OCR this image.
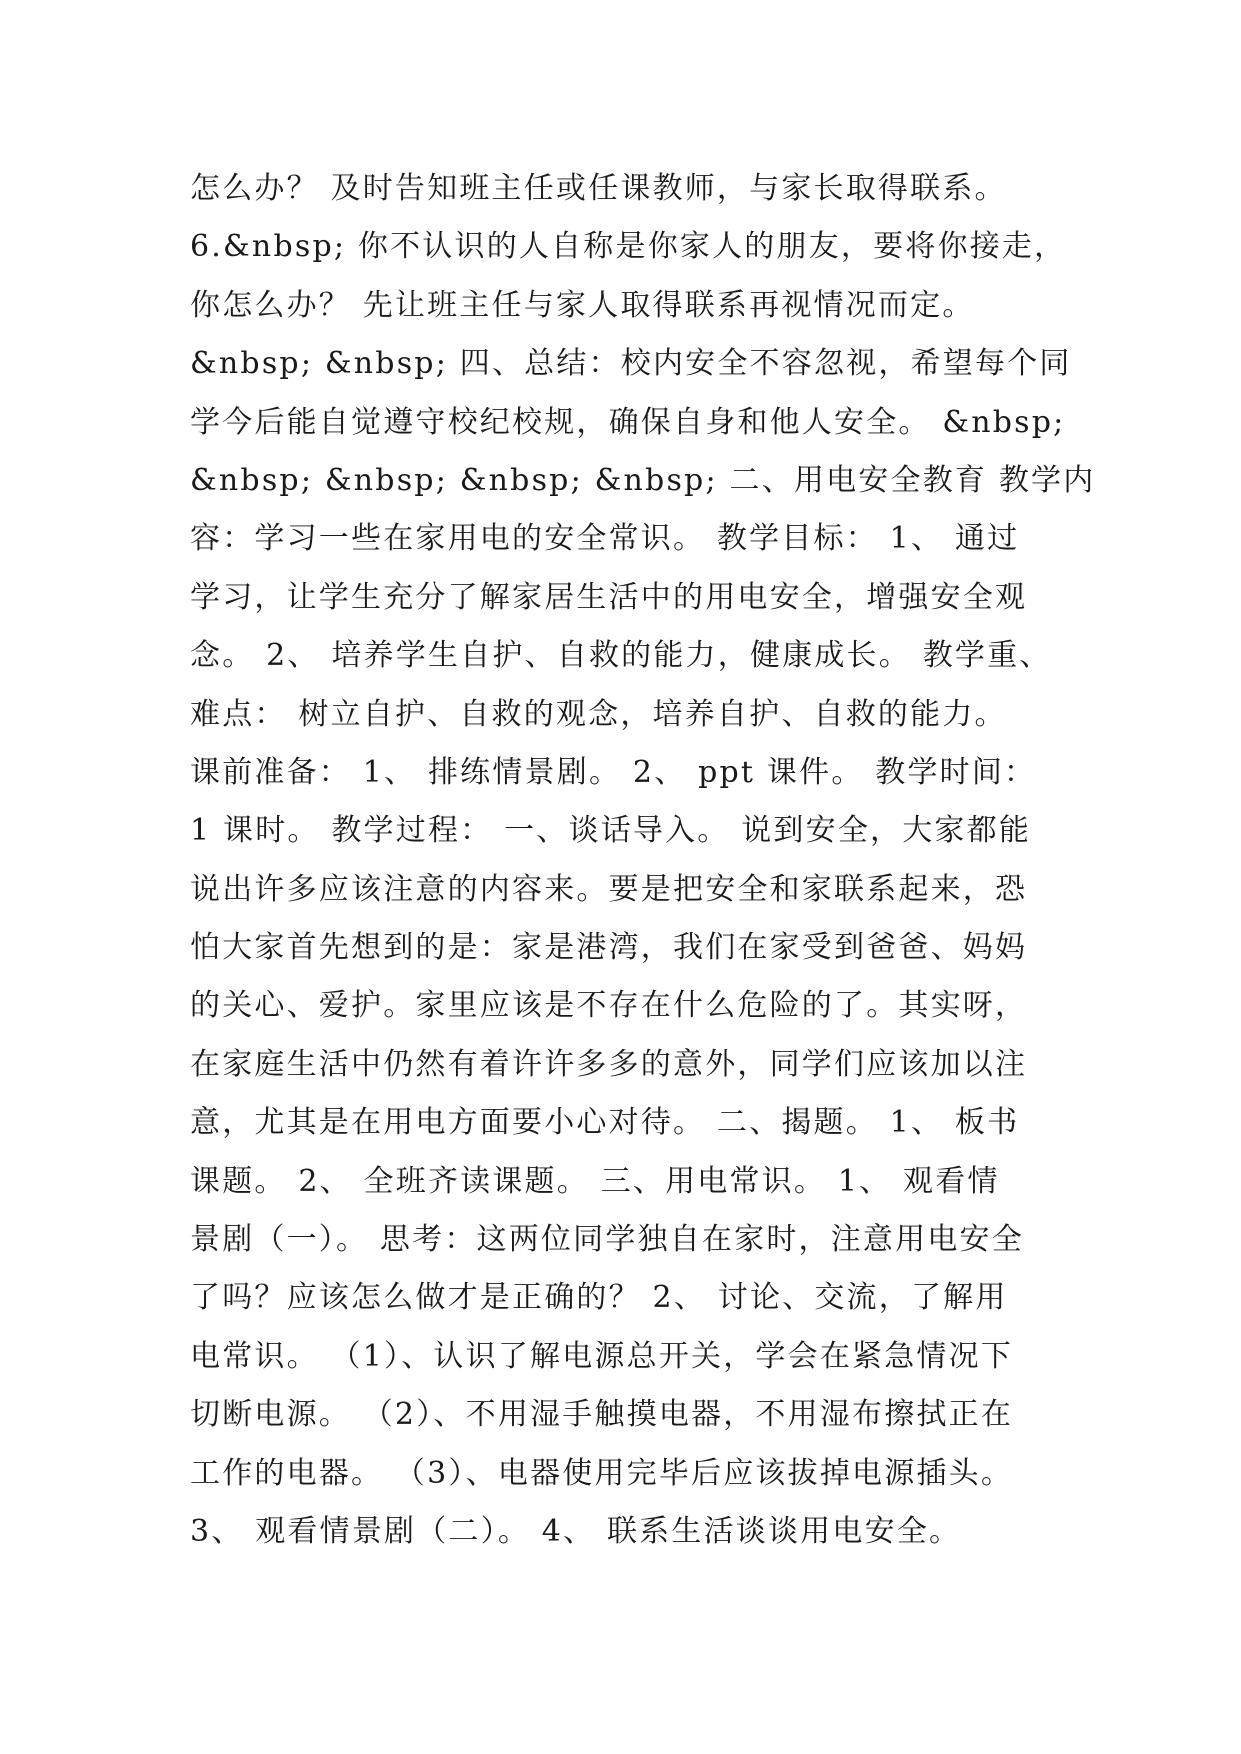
怎么办？ 及时告知班主任或任课教师，与家长取得联系。
6.&nbsp; 你不认识的人自称是你家人的朋友，要将你接走，
你怎么办？ 先让班主任与家人取得联系再视情况而定。
&nbsp; &nbsp; 四、总结：校内安全不容忽视，希望每个同
学今后能自觉遵守校纪校规，确保自身和他人安全。 &nbsp;
&nbsp; &nbsp; &nbsp; &nbsp; 二、用电安全教育 教学内
容：学习一些在家用电的安全常识。 教学目标： 1、 通过
学习，让学生充分了解家居生活中的用电安全，增强安全观
念。 2、 培养学生自护、自救的能力，健康成长。 教学重、
难点： 树立自护、自救的观念，培养自护、自救的能力。
课前准备： 1、 排练情景剧。 2、 ppt 课件。 教学时间：
1 课时。 教学过程： 一、谈话导入。 说到安全，大家都能
说出许多应该注意的内容来。要是把安全和家联系起来，恐
怕大家首先想到的是：家是港湾，我们在家受到爸爸、妈妈
的关心、爱护。家里应该是不存在什么危险的了。其实呀，
在家庭生活中仍然有着许许多多的意外，同学们应该加以注
意，尤其是在用电方面要小心对待。 二、揭题。 1、 板书
课题。 2、 全班齐读课题。 三、用电常识。 1、 观看情
景剧（一）。 思考：这两位同学独自在家时，注意用电安全
了吗？应该怎么做才是正确的？ 2、 讨论、交流，了解用
电常识。 （1）、认识了解电源总开关，学会在紧急情况下
切断电源。 （2）、不用湿手触摸电器，不用湿布擦拭正在
工作的电器。 （3）、电器使用完毕后应该拔掉电源插头。
3、 观看情景剧（二）。 4、 联系生活谈谈用电安全。
